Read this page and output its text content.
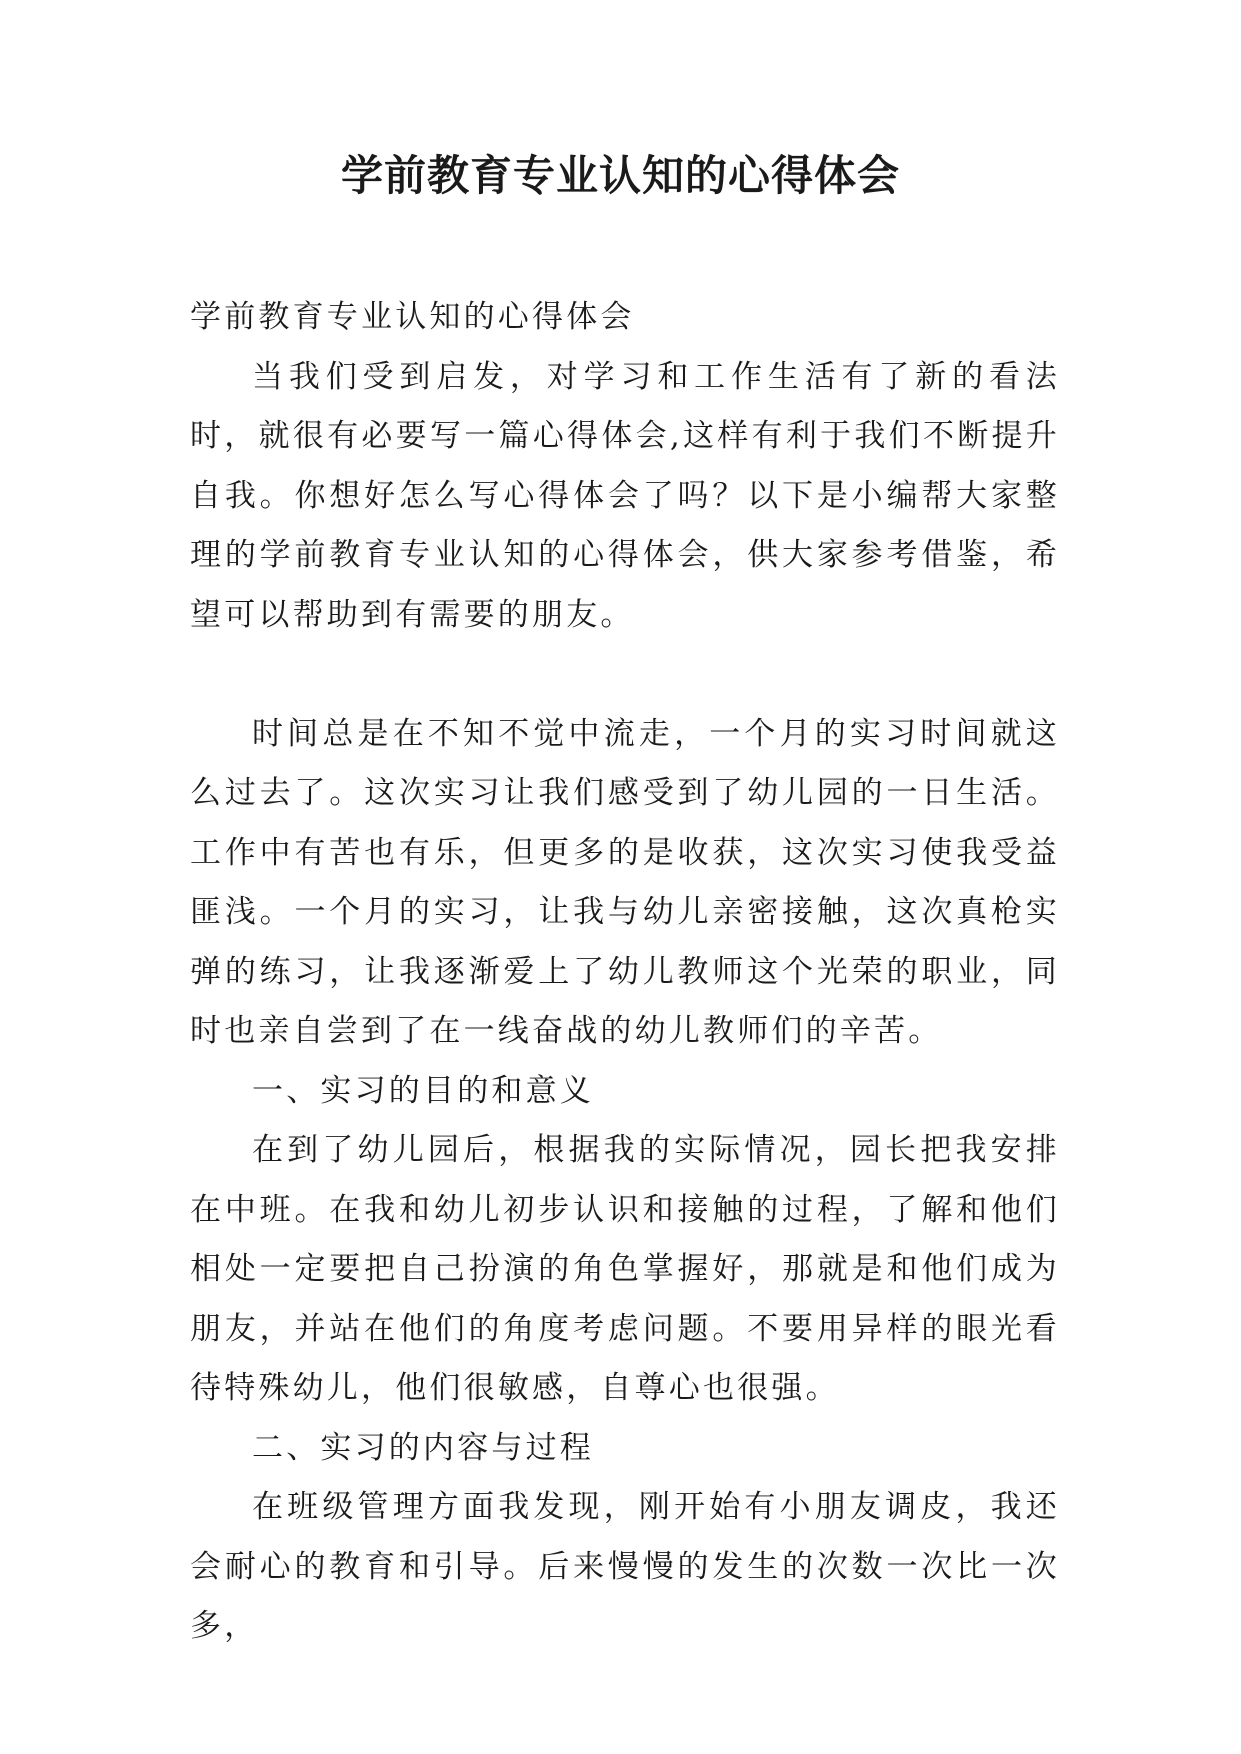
学前教育专业认知的心得体会

学前教育专业认知的心得体会

当我们受到启发，对学习和工作生活有了新的看法时，就很有必要写一篇心得体会,这样有利于我们不断提升自我。你想好怎么写心得体会了吗？以下是小编帮大家整理的学前教育专业认知的心得体会，供大家参考借鉴，希望可以帮助到有需要的朋友。

时间总是在不知不觉中流走，一个月的实习时间就这么过去了。这次实习让我们感受到了幼儿园的一日生活。工作中有苦也有乐，但更多的是收获，这次实习使我受益匪浅。一个月的实习，让我与幼儿亲密接触，这次真枪实弹的练习，让我逐渐爱上了幼儿教师这个光荣的职业，同时也亲自尝到了在一线奋战的幼儿教师们的辛苦。

一、实习的目的和意义

在到了幼儿园后，根据我的实际情况，园长把我安排在中班。在我和幼儿初步认识和接触的过程，了解和他们相处一定要把自己扮演的角色掌握好，那就是和他们成为朋友，并站在他们的角度考虑问题。不要用异样的眼光看待特殊幼儿，他们很敏感，自尊心也很强。

二、实习的内容与过程

在班级管理方面我发现，刚开始有小朋友调皮，我还会耐心的教育和引导。后来慢慢的发生的次数一次比一次多，
